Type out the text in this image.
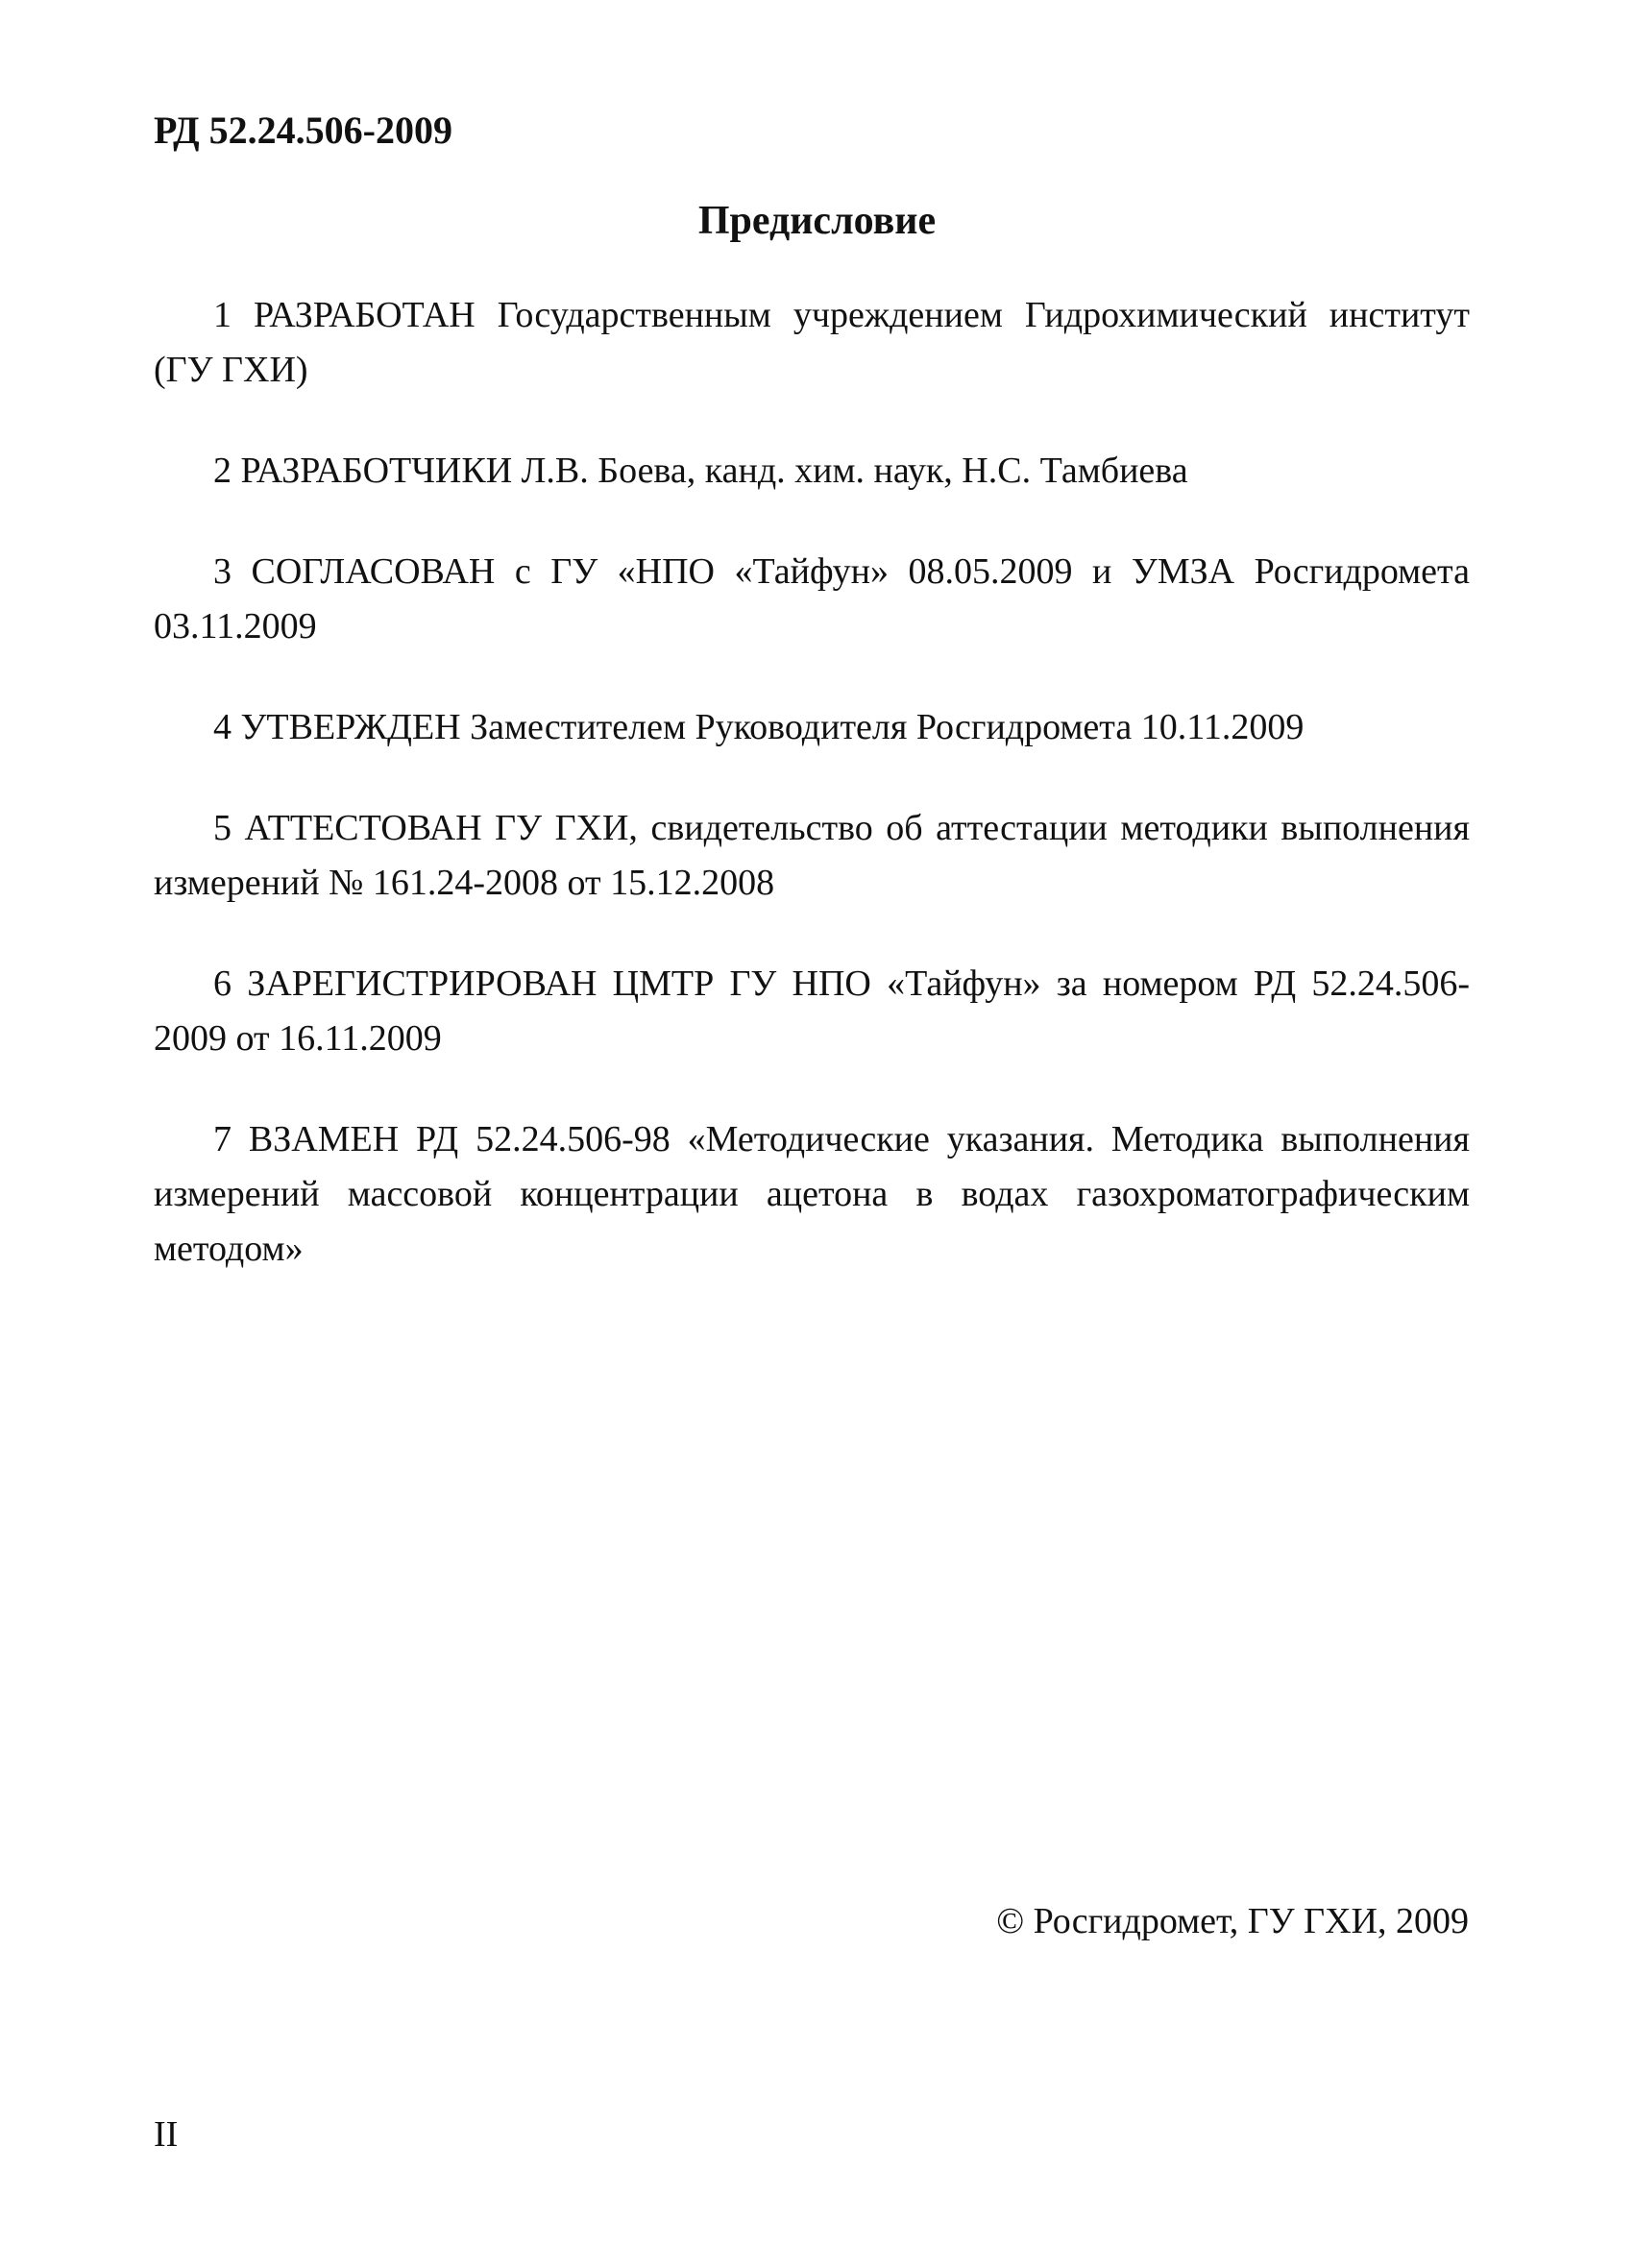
РД 52.24.506-2009
Предисловие

1 РАЗРАБОТАН Государственным учреждением Гидрохимический институт (ГУ ГХИ)

2 РАЗРАБОТЧИКИ Л.В. Боева, канд. хим. наук, Н.С. Тамбиева

3 СОГЛАСОВАН с ГУ «НПО «Тайфун» 08.05.2009 и УМЗА Росгидромета 03.11.2009

4 УТВЕРЖДЕН Заместителем Руководителя Росгидромета 10.11.2009

5 АТТЕСТОВАН ГУ ГХИ, свидетельство об аттестации методики выполнения измерений № 161.24-2008 от 15.12.2008

6 ЗАРЕГИСТРИРОВАН ЦМТР ГУ НПО «Тайфун» за номером РД 52.24.506-2009 от 16.11.2009

7 ВЗАМЕН РД 52.24.506-98 «Методические указания. Методика выполнения измерений массовой концентрации ацетона в водах газохроматографическим методом»

© Росгидромет, ГУ ГХИ, 2009
II
